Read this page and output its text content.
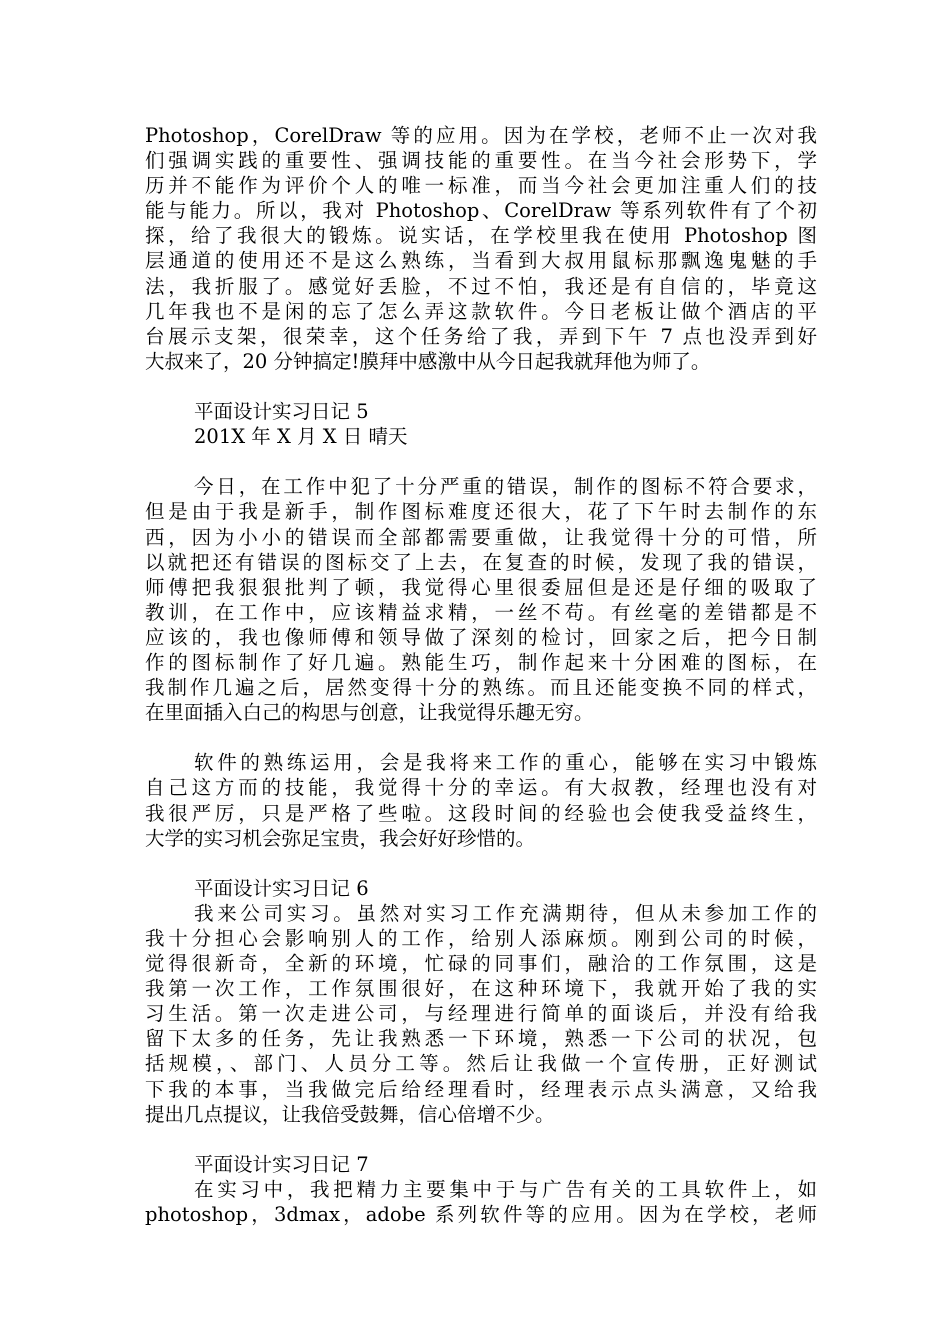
Photoshop，CorelDraw 等的应用。因为在学校，老师不止一次对我
们强调实践的重要性、强调技能的重要性。在当今社会形势下，学
历并不能作为评价个人的唯一标准，而当今社会更加注重人们的技
能与能力。所以，我对 Photoshop、CorelDraw 等系列软件有了个初
探，给了我很大的锻炼。说实话，在学校里我在使用 Photoshop 图
层通道的使用还不是这么熟练，当看到大叔用鼠标那飘逸鬼魅的手
法，我折服了。感觉好丢脸，不过不怕，我还是有自信的，毕竟这
几年我也不是闲的忘了怎么弄这款软件。今日老板让做个酒店的平
台展示支架，很荣幸，这个任务给了我，弄到下午 7 点也没弄到好
大叔来了，20 分钟搞定!膜拜中感激中从今日起我就拜他为师了。
平面设计实习日记 5
201X 年 X 月 X 日 晴天
今日，在工作中犯了十分严重的错误，制作的图标不符合要求，
但是由于我是新手，制作图标难度还很大，花了下午时去制作的东
西，因为小小的错误而全部都需要重做，让我觉得十分的可惜，所
以就把还有错误的图标交了上去，在复查的时候，发现了我的错误，
师傅把我狠狠批判了顿，我觉得心里很委屈但是还是仔细的吸取了
教训，在工作中，应该精益求精，一丝不苟。有丝毫的差错都是不
应该的，我也像师傅和领导做了深刻的检讨，回家之后，把今日制
作的图标制作了好几遍。熟能生巧，制作起来十分困难的图标，在
我制作几遍之后，居然变得十分的熟练。而且还能变换不同的样式，
在里面插入白己的构思与创意，让我觉得乐趣无穷。
软件的熟练运用，会是我将来工作的重心，能够在实习中锻炼
自己这方而的技能，我觉得十分的幸运。有大叔教，经理也没有对
我很严厉，只是严格了些啦。这段时间的经验也会使我受益终生，
大学的实习机会弥足宝贵，我会好好珍惜的。
平面设计实习日记 6
我来公司实习。虽然对实习工作充满期待，但从未参加工作的
我十分担心会影响别人的工作，给别人添麻烦。刚到公司的时候，
觉得很新奇，全新的环境，忙碌的同事们，融洽的工作氛围，这是
我第一次工作，工作氛围很好，在这种环境下，我就开始了我的实
习生活。第一次走进公司，与经理进行简单的面谈后，并没有给我
留下太多的任务，先让我熟悉一下环境，熟悉一下公司的状况，包
括规模，、部门、人员分工等。然后让我做一个宣传册，正好测试
下我的本事，当我做完后给经理看时，经理表示点头满意，又给我
提出几点提议，让我倍受鼓舞，信心倍增不少。
平面设计实习日记 7
在实习中，我把精力主要集中于与广告有关的工具软件上，如
photoshop，3dmax，adobe 系列软件等的应用。因为在学校，老师
